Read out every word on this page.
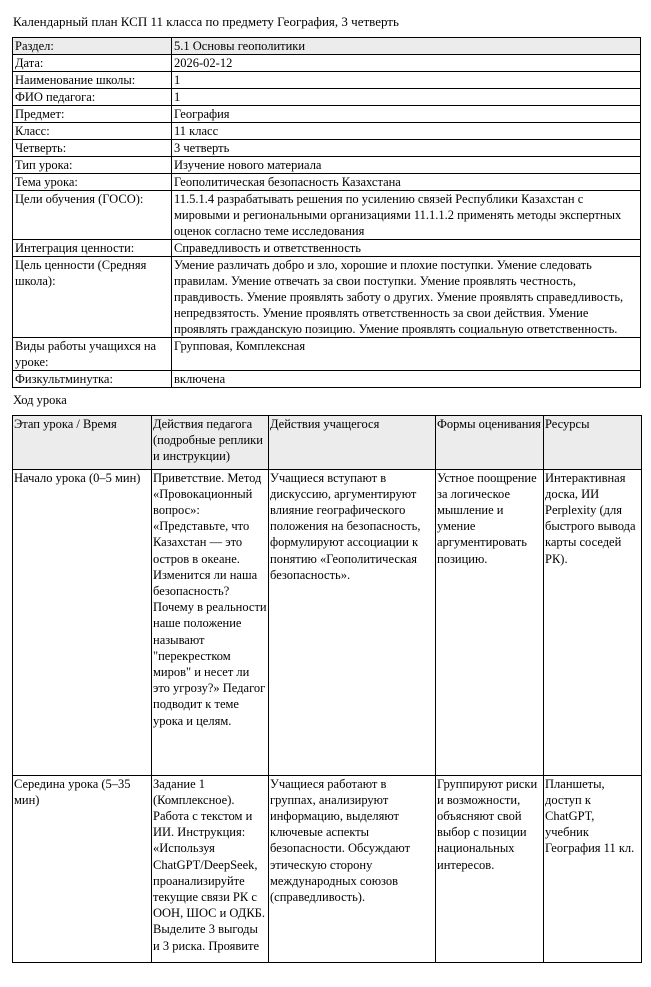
Календарный план КСП 11 класса по предмету География, 3 четверть
Раздел:	5.1 Основы геополитики
Дата:	2026-02-12
Наименование школы:	1
ФИО педагога:	1
Предмет:	География
Класс:	11 класс
Четверть:	3 четверть
Тип урока:	Изучение нового материала
Тема урока:	Геополитическая безопасность Казахстана
Цели обучения (ГОСО):	11.5.1.4 разрабатывать решения по усилению связей Республики Казахстан с мировыми и региональными организациями 11.1.1.2 применять методы экспертных оценок согласно теме исследования
Интеграция ценности:	Справедливость и ответственность
Цель ценности (Средняя школа):	Умение различать добро и зло, хорошие и плохие поступки. Умение следовать правилам. Умение отвечать за свои поступки. Умение проявлять честность, правдивость. Умение проявлять заботу о других. Умение проявлять справедливость, непредвзятость. Умение проявлять ответственность за свои действия. Умение проявлять гражданскую позицию. Умение проявлять социальную ответственность.
Виды работы учащихся на уроке:	Групповая, Комплексная
Физкультминутка:	включена
Ход урока
Этап урока / Время	Действия педагога (подробные реплики и инструкции)	Действия учащегося	Формы оценивания	Ресурсы
Начало урока (0–5 мин)	Приветствие. Метод «Провокационный вопрос»: «Представьте, что Казахстан — это остров в океане. Изменится ли наша безопасность? Почему в реальности наше положение называют "перекрестком миров" и несет ли это угрозу?» Педагог подводит к теме урока и целям.	Учащиеся вступают в дискуссию, аргументируют влияние географического положения на безопасность, формулируют ассоциации к понятию «Геополитическая безопасность».	Устное поощрение за логическое мышление и умение аргументировать позицию.	Интерактивная доска, ИИ Perplexity (для быстрого вывода карты соседей РК).
Середина урока (5–35 мин)	Задание 1 (Комплексное). Работа с текстом и ИИ. Инструкция: «Используя ChatGPT/DeepSeek, проанализируйте текущие связи РК с ООН, ШОС и ОДКБ. Выделите 3 выгоды и 3 риска. Проявите	Учащиеся работают в группах, анализируют информацию, выделяют ключевые аспекты безопасности. Обсуждают этическую сторону международных союзов (справедливость).	Группируют риски и возможности, объясняют свой выбор с позиции национальных интересов.	Планшеты, доступ к ChatGPT, учебник География 11 кл.
